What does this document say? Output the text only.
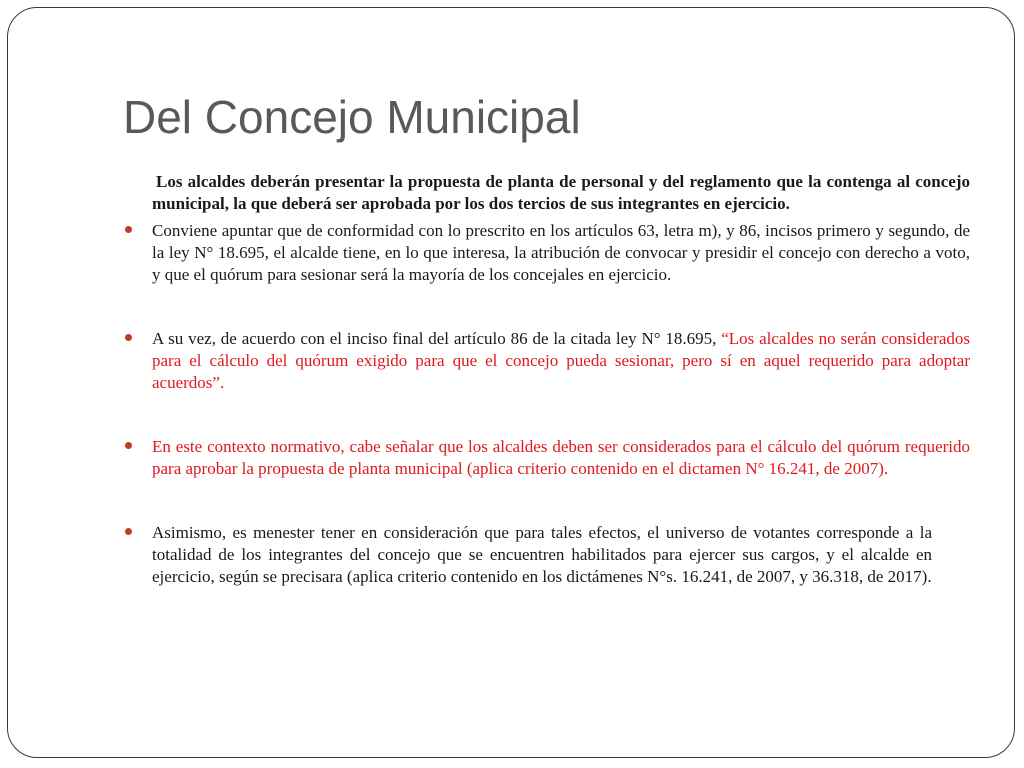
Del Concejo Municipal

Los alcaldes deberán presentar la propuesta de planta de personal y del reglamento que la contenga al concejo municipal, la que deberá ser aprobada por los dos tercios de sus integrantes en ejercicio.

Conviene apuntar que de conformidad con lo prescrito en los artículos 63, letra m), y 86, incisos primero y segundo, de la ley N° 18.695, el alcalde tiene, en lo que interesa, la atribución de convocar y presidir el concejo con derecho a voto, y que el quórum para sesionar será la mayoría de los concejales en ejercicio.

A su vez, de acuerdo con el inciso final del artículo 86 de la citada ley N° 18.695, “Los alcaldes no serán considerados para el cálculo del quórum exigido para que el concejo pueda sesionar, pero sí en aquel requerido para adoptar acuerdos”.

En este contexto normativo, cabe señalar que los alcaldes deben ser considerados para el cálculo del quórum requerido para aprobar la propuesta de planta municipal (aplica criterio contenido en el dictamen N° 16.241, de 2007).

Asimismo, es menester tener en consideración que para tales efectos, el universo de votantes corresponde a la totalidad de los integrantes del concejo que se encuentren habilitados para ejercer sus cargos, y el alcalde en ejercicio, según se precisara (aplica criterio contenido en los dictámenes N°s. 16.241, de 2007, y 36.318, de 2017).
